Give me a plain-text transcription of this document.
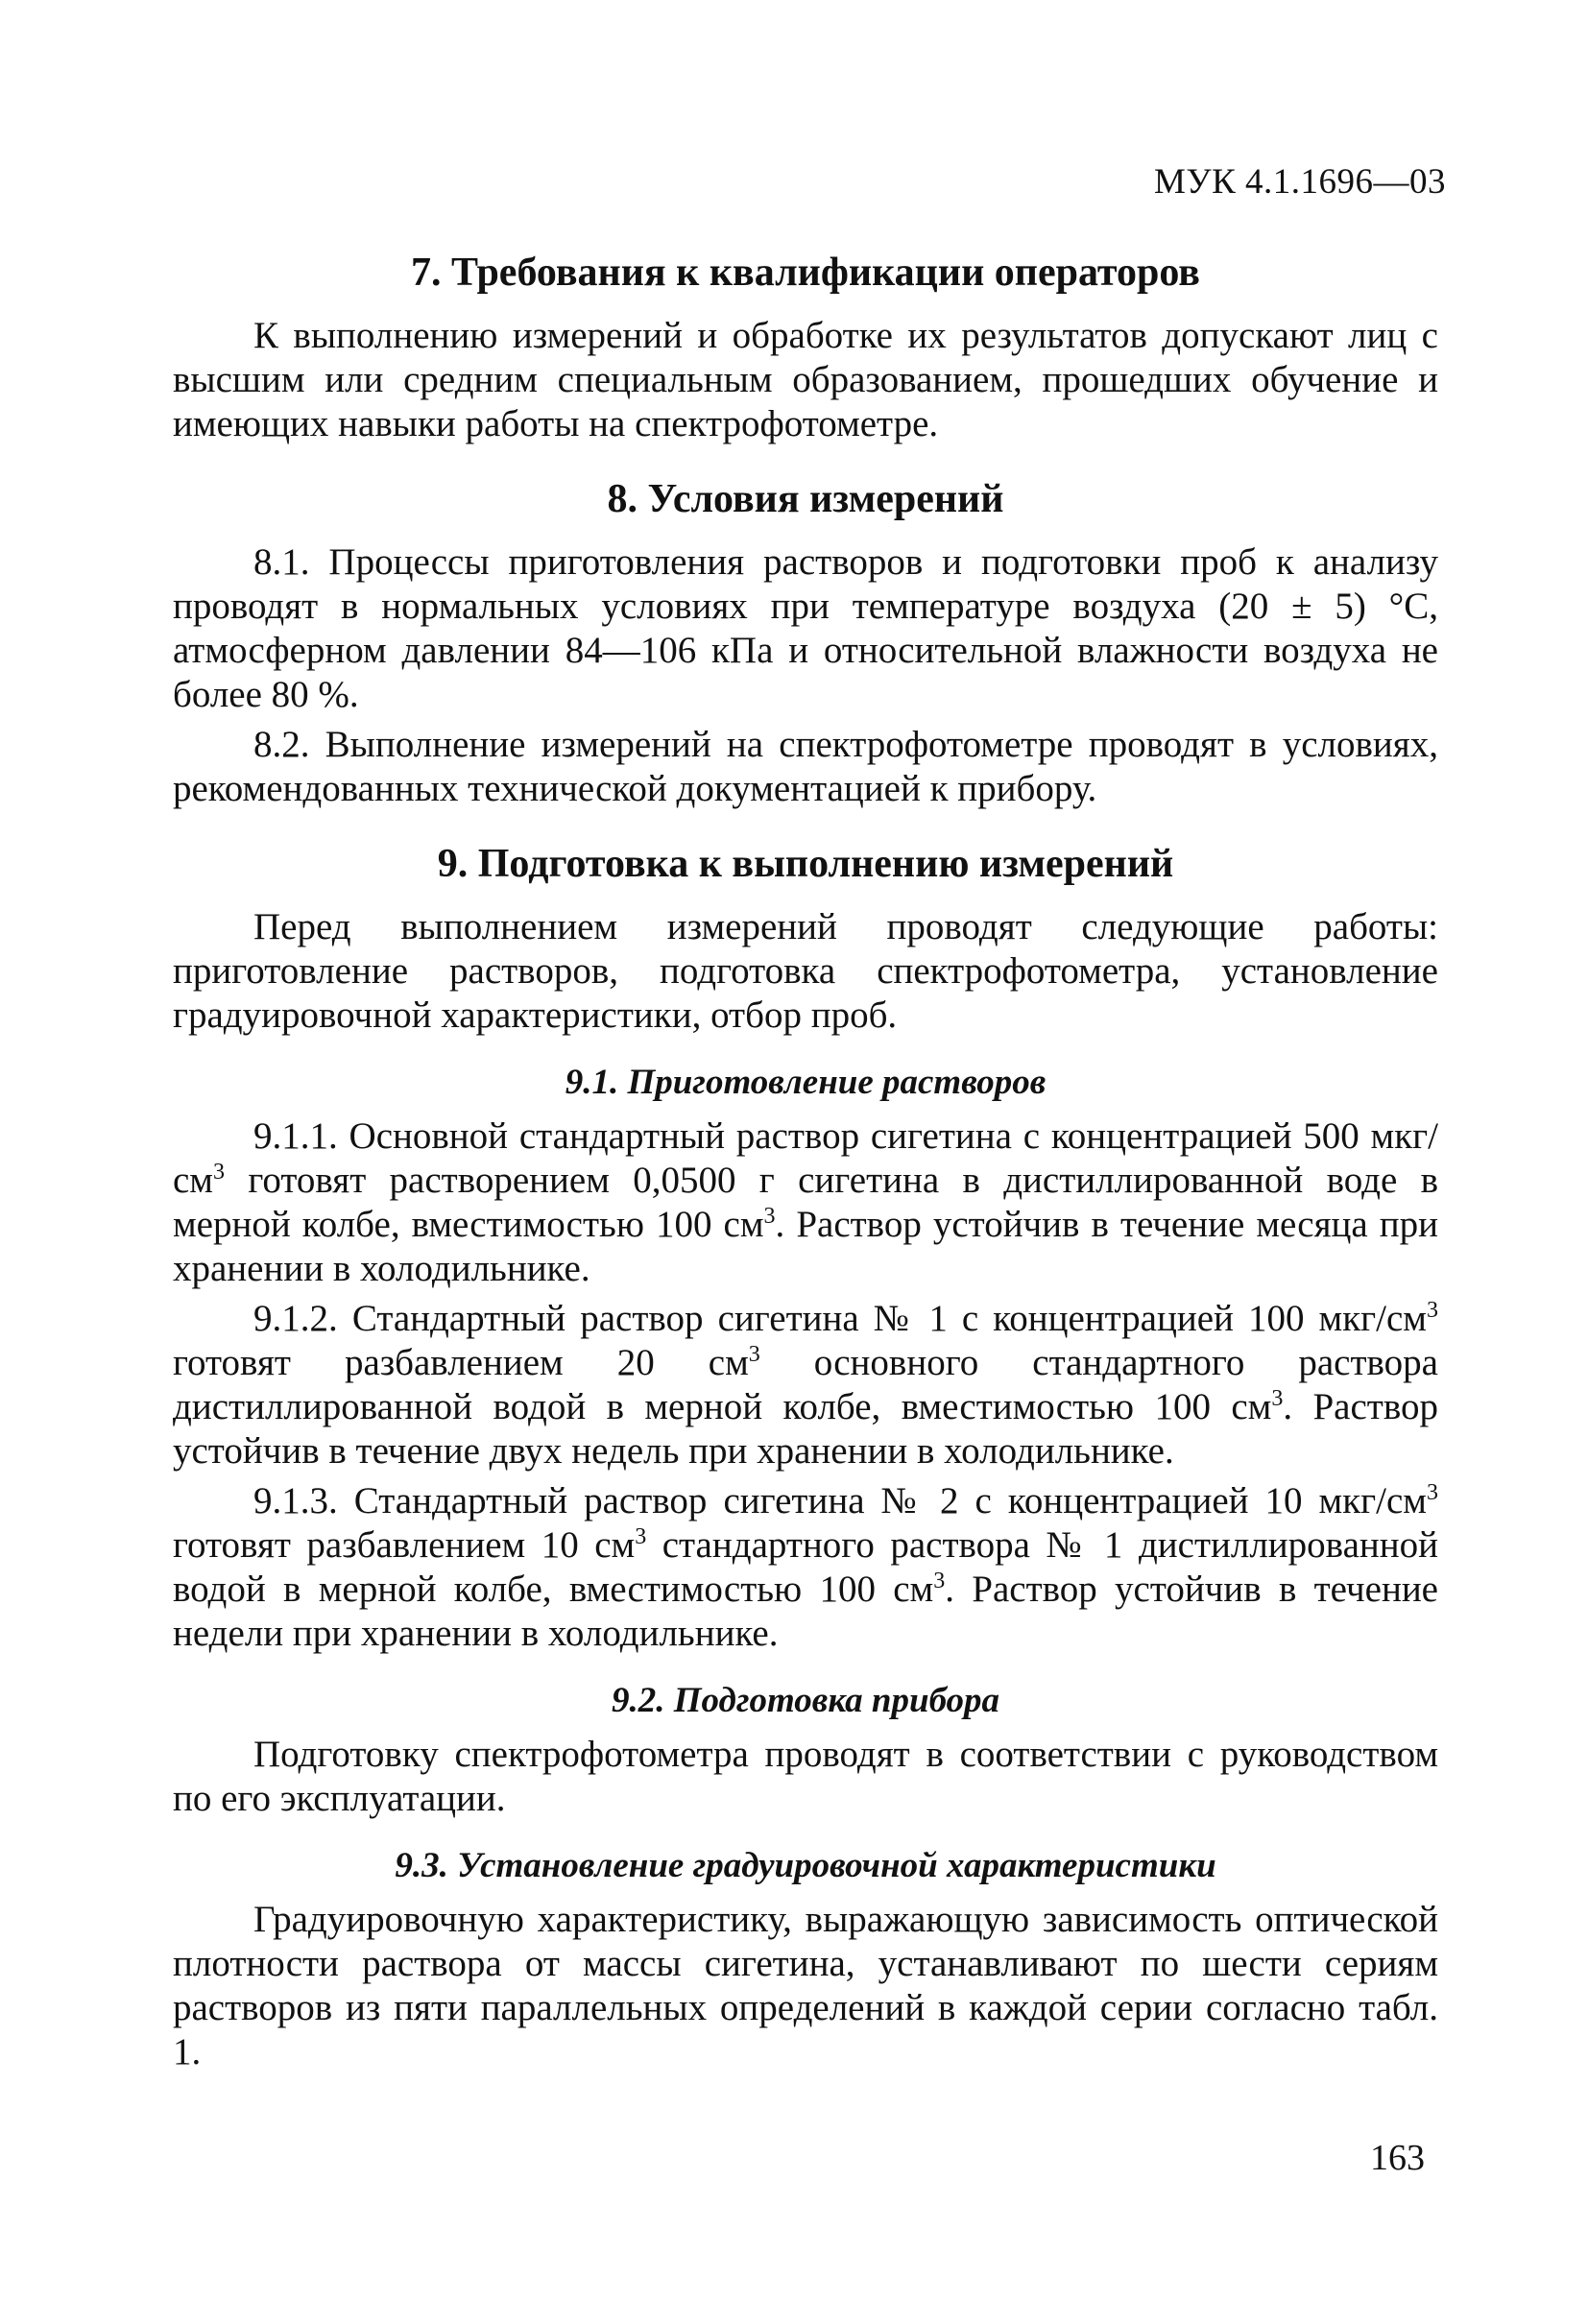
МУК 4.1.1696—03
7. Требования к квалификации операторов

К выполнению измерений и обработке их результатов допускают лиц с высшим или средним специальным образованием, прошедших обучение и имеющих навыки работы на спектрофотометре.

8. Условия измерений

8.1. Процессы приготовления растворов и подготовки проб к анализу проводят в нормальных условиях при температуре воздуха (20 ± 5) °С, атмосферном давлении 84—106 кПа и относительной влажности воздуха не более 80 %.

8.2. Выполнение измерений на спектрофотометре проводят в условиях, рекомендованных технической документацией к прибору.

9. Подготовка к выполнению измерений

Перед выполнением измерений проводят следующие работы: приготовление растворов, подготовка спектрофотометра, установление градуировочной характеристики, отбор проб.

9.1. Приготовление растворов

9.1.1. Основной стандартный раствор сигетина с концентрацией 500 мкг/$см^3$ готовят растворением 0,0500 г сигетина в дистиллированной воде в мерной колбе, вместимостью 100 $см^3$. Раствор устойчив в течение месяца при хранении в холодильнике.

9.1.2. Стандартный раствор сигетина № 1 с концентрацией 100 мкг/$см^3$ готовят разбавлением 20 $см^3$ основного стандартного раствора дистиллированной водой в мерной колбе, вместимостью 100 $см^3$. Раствор устойчив в течение двух недель при хранении в холодильнике.

9.1.3. Стандартный раствор сигетина № 2 с концентрацией 10 мкг/$см^3$ готовят разбавлением 10 $см^3$ стандартного раствора № 1 дистиллированной водой в мерной колбе, вместимостью 100 $см^3$. Раствор устойчив в течение недели при хранении в холодильнике.

9.2. Подготовка прибора

Подготовку спектрофотометра проводят в соответствии с руководством по его эксплуатации.

9.3. Установление градуировочной характеристики

Градуировочную характеристику, выражающую зависимость оптической плотности раствора от массы сигетина, устанавливают по шести сериям растворов из пяти параллельных определений в каждой серии согласно табл. 1.

163
